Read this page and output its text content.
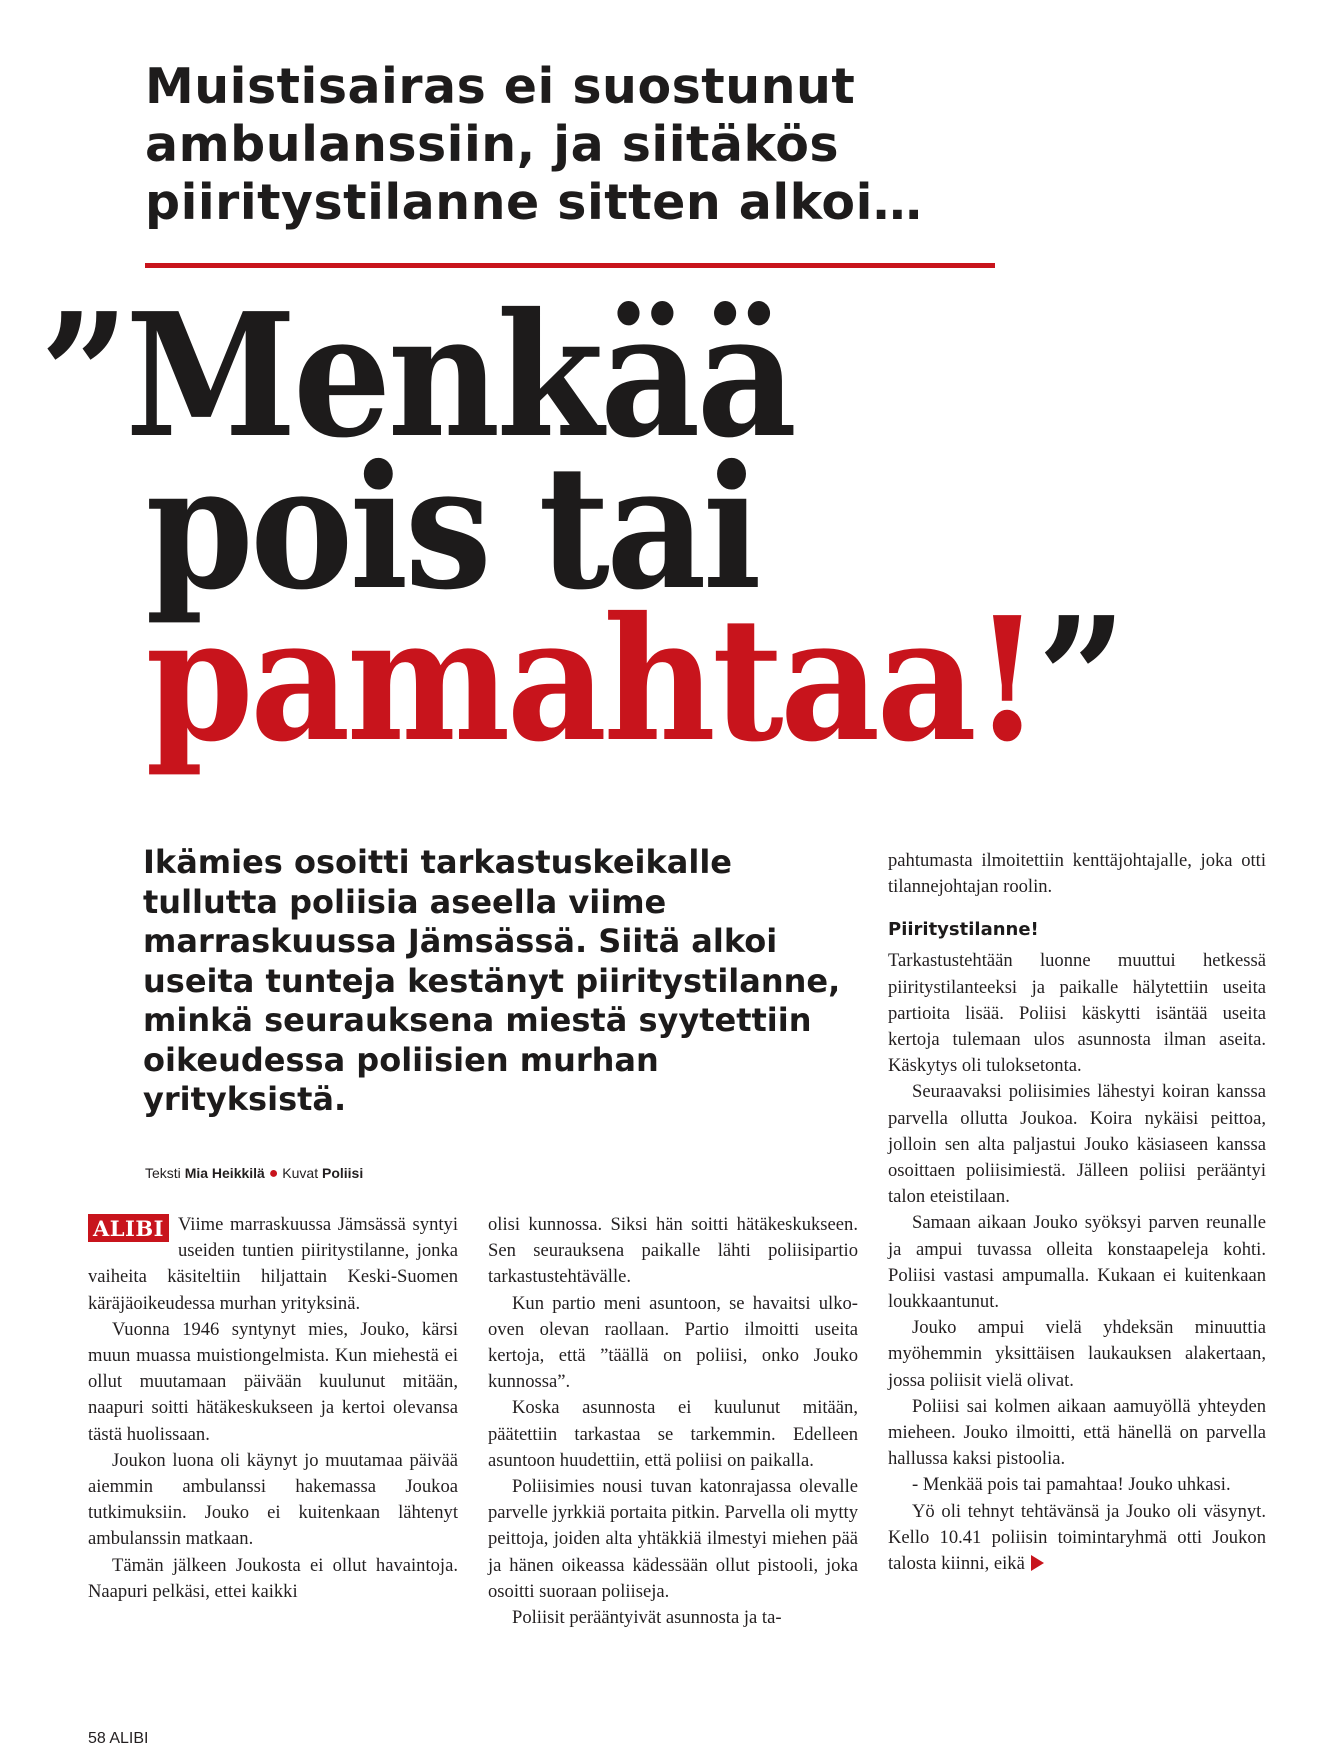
Muistisairas ei suostunut
ambulanssiin, ja siitäkös
piiritystilanne sitten alkoi…
”Menkää
pois tai
pamahtaa!”
Ikämies osoitti tarkastuskeikalle tullutta poliisia aseella viime marraskuussa Jämsässä. Siitä alkoi useita tunteja kestänyt piiritystilanne, minkä seurauksena miestä syytettiin oikeudessa poliisien murhan yrityksistä.
Teksti Mia Heikkilä ● Kuvat Poliisi

ALIBI Viime marraskuussa Jämsässä syntyi useiden tuntien piiritystilanne, jonka vaiheita käsiteltiin hiljattain Keski-Suomen käräjäoikeudessa murhan yrityksinä.

Vuonna 1946 syntynyt mies, Jouko, kärsi muun muassa muistiongelmista. Kun miehestä ei ollut muutamaan päivään kuulunut mitään, naapuri soitti hätäkeskukseen ja kertoi olevansa tästä huolissaan.

Joukon luona oli käynyt jo muutamaa päivää aiemmin ambulanssi hakemassa Joukoa tutkimuksiin. Jouko ei kuitenkaan lähtenyt ambulanssin matkaan.

Tämän jälkeen Joukosta ei ollut havaintoja. Naapuri pelkäsi, ettei kaikki

olisi kunnossa. Siksi hän soitti hätäkeskukseen. Sen seurauksena paikalle lähti poliisipartio tarkastustehtävälle.

Kun partio meni asuntoon, se havaitsi ulko-oven olevan raollaan. Partio ilmoitti useita kertoja, että ”täällä on poliisi, onko Jouko kunnossa”.

Koska asunnosta ei kuulunut mitään, päätettiin tarkastaa se tarkemmin. Edelleen asuntoon huudettiin, että poliisi on paikalla.

Poliisimies nousi tuvan katonrajassa olevalle parvelle jyrkkiä portaita pitkin. Parvella oli mytty peittoja, joiden alta yhtäkkiä ilmestyi miehen pää ja hänen oikeassa kädessään ollut pistooli, joka osoitti suoraan poliiseja.

Poliisit perääntyivät asunnosta ja ta-

pahtumasta ilmoitettiin kenttäjohtajalle, joka otti tilannejohtajan roolin.

Piiritystilanne!

Tarkastustehtään luonne muuttui hetkessä piiritystilanteeksi ja paikalle hälytettiin useita partioita lisää. Poliisi käskytti isäntää useita kertoja tulemaan ulos asunnosta ilman aseita. Käskytys oli tuloksetonta.

Seuraavaksi poliisimies lähestyi koiran kanssa parvella ollutta Joukoa. Koira nykäisi peittoa, jolloin sen alta paljastui Jouko käsiaseen kanssa osoittaen poliisimiestä. Jälleen poliisi perääntyi talon eteistilaan.

Samaan aikaan Jouko syöksyi parven reunalle ja ampui tuvassa olleita konstaapeleja kohti. Poliisi vastasi ampumalla. Kukaan ei kuitenkaan loukkaantunut.

Jouko ampui vielä yhdeksän minuuttia myöhemmin yksittäisen laukauksen alakertaan, jossa poliisit vielä olivat.

Poliisi sai kolmen aikaan aamuyöllä yhteyden mieheen. Jouko ilmoitti, että hänellä on parvella hallussa kaksi pistoolia.

- Menkää pois tai pamahtaa! Jouko uhkasi.

Yö oli tehnyt tehtävänsä ja Jouko oli väsynyt. Kello 10.41 poliisin toimintaryhmä otti Joukon talosta kiinni, eikä

58 ALIBI
